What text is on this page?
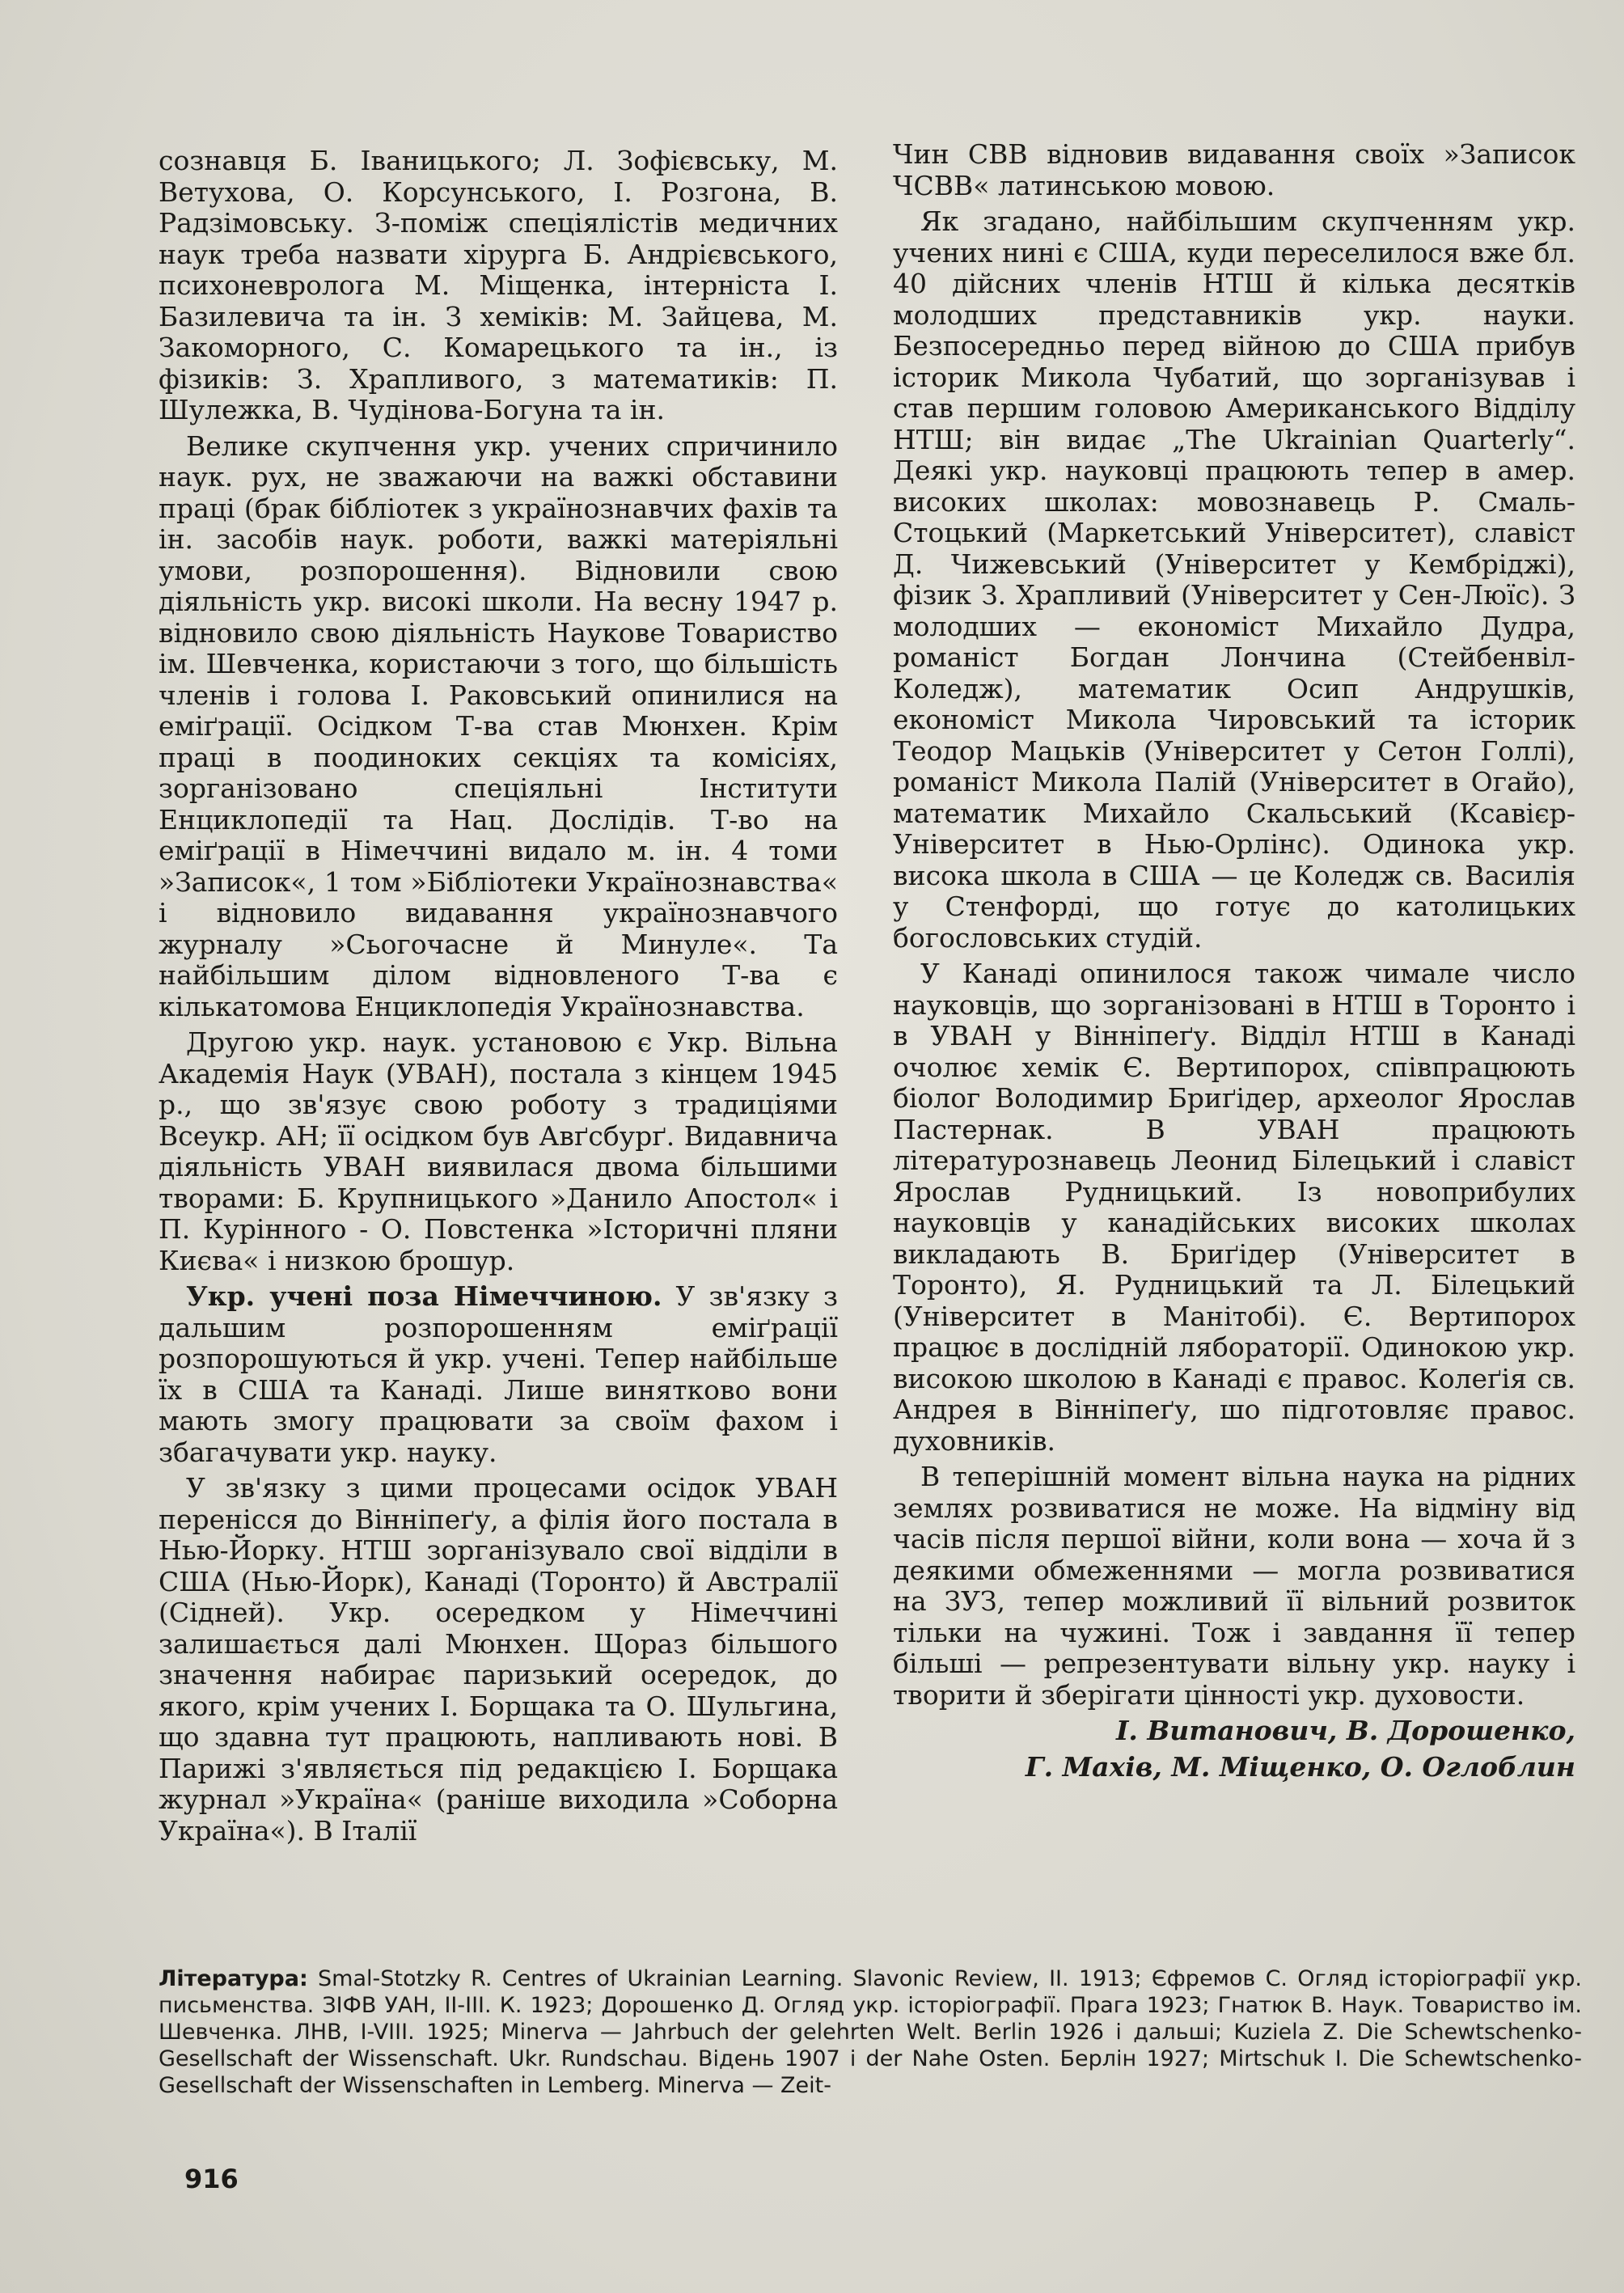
сознавця Б. Іваницького; Л. Зофієвську, М. Ветухова, О. Корсунського, І. Розгона, В. Радзімовську. З-поміж спеціялістів медичних наук треба назвати хірурга Б. Андрієвського, психоневролога М. Міщенка, інтерніста І. Базилевича та ін. З хеміків: М. Зайцева, М. Закоморного, С. Комарецького та ін., із фізиків: З. Храпливого, з математиків: П. Шулежка, В. Чудінова-Богуна та ін.

Велике скупчення укр. учених спричинило наук. рух, не зважаючи на важкі обставини праці (брак бібліотек з українознавчих фахів та ін. засобів наук. роботи, важкі матеріяльні умови, розпорошення). Відновили свою діяльність укр. високі школи. На весну 1947 р. відновило свою діяльність Наукове Товариство ім. Шевченка, користаючи з того, що більшість членів і голова І. Раковський опинилися на еміґрації. Осідком Т-ва став Мюнхен. Крім праці в поодиноких секціях та комісіях, зорганізовано спеціяльні Інститути Енциклопедії та Нац. Дослідів. Т-во на еміґрації в Німеччині видало м. ін. 4 томи »Записок«, 1 том »Бібліотеки Українознавства« і відновило видавання українознавчого журналу »Сьогочасне й Минуле«. Та найбільшим ділом відновленого Т-ва є кількатомова Енциклопедія Українознавства.

Другою укр. наук. установою є Укр. Вільна Академія Наук (УВАН), постала з кінцем 1945 р., що зв'язує свою роботу з традиціями Всеукр. АН; її осідком був Авґсбурґ. Видавнича діяльність УВАН виявилася двома більшими творами: Б. Крупницького »Данило Апостол« і П. Курінного - О. Повстенка »Історичні пляни Києва« і низкою брошур.

Укр. учені поза Німеччиною. У зв'язку з дальшим розпорошенням еміґрації розпорошуються й укр. учені. Тепер найбільше їх в США та Канаді. Лише винятково вони мають змогу працювати за своїм фахом і збагачувати укр. науку.

У зв'язку з цими процесами осідок УВАН перенісся до Вінніпеґу, а філія його постала в Нью-Йорку. НТШ зорганізувало свої відділи в США (Нью-Йорк), Канаді (Торонто) й Австралії (Сідней). Укр. осередком у Німеччині залишається далі Мюнхен. Щораз більшого значення набирає паризький осередок, до якого, крім учених І. Борщака та О. Шульгина, що здавна тут працюють, напливають нові. В Парижі з'являється під редакцією І. Борщака журнал »Україна« (раніше виходила »Соборна Україна«). В Італії

Чин СВВ відновив видавання своїх »Записок ЧСВВ« латинською мовою.

Як згадано, найбільшим скупченням укр. учених нині є США, куди переселилося вже бл. 40 дійсних членів НТШ й кілька десятків молодших представників укр. науки. Безпосередньо перед війною до США прибув історик Микола Чубатий, що зорганізував і став першим головою Американського Відділу НТШ; він видає „The Ukrainian Quarterly“. Деякі укр. науковці працюють тепер в амер. високих школах: мовознавець Р. Смаль-Стоцький (Маркетський Університет), славіст Д. Чижевський (Університет у Кембріджі), фізик З. Храпливий (Університет у Сен-Люїс). З молодших — економіст Михайло Дудра, романіст Богдан Лончина (Стейбенвіл-Коледж), математик Осип Андрушків, економіст Микола Чировський та історик Теодор Мацьків (Університет у Сетон Голлі), романіст Микола Палій (Університет в Огайо), математик Михайло Скальський (Ксавієр-Університет в Нью-Орлінс). Одинока укр. висока школа в США — це Коледж св. Василія у Стенфорді, що готує до католицьких богословських студій.

У Канаді опинилося також чимале число науковців, що зорганізовані в НТШ в Торонто і в УВАН у Вінніпеґу. Відділ НТШ в Канаді очолює хемік Є. Вертипорох, співпрацюють біолог Володимир Бриґідер, археолог Ярослав Пастернак. В УВАН працюють літературознавець Леонид Білецький і славіст Ярослав Рудницький. Із новоприбулих науковців у канадійських високих школах викладають В. Бриґідер (Університет в Торонто), Я. Рудницький та Л. Білецький (Університет в Манітобі). Є. Вертипорох працює в дослідній лябораторії. Одинокою укр. високою школою в Канаді є правос. Колеґія св. Андрея в Вінніпеґу, шо підготовляє правос. духовників.

В теперішній момент вільна наука на рідних землях розвиватися не може. На відміну від часів після першої війни, коли вона — хоча й з деякими обмеженнями — могла розвиватися на ЗУЗ, тепер можливий її вільний розвиток тільки на чужині. Тож і завдання її тепер більші — репрезентувати вільну укр. науку і творити й зберігати цінності укр. духовости.

І. Витанович, В. Дорошенко,

Г. Махів, М. Міщенко, О. Оглоблин

Література: Smal-Stotzky R. Centres of Ukrainian Learning. Slavonic Review, II. 1913; Єфремов С. Огляд історіографії укр. письменства. ЗІФВ УАН, II-III. К. 1923; Дорошенко Д. Огляд укр. історіографії. Прага 1923; Гнатюк В. Наук. Товариство ім. Шевченка. ЛНВ, I-VIII. 1925; Minerva — Jahrbuch der gelehrten Welt. Berlin 1926 і дальші; Kuziela Z. Die Schewtschenko-Gesellschaft der Wissenschaft. Ukr. Rundschau. Відень 1907 і der Nahe Osten. Берлін 1927; Mirtschuk I. Die Schewtschenko-Gesellschaft der Wissenschaften in Lemberg. Minerva — Zeit-
916
